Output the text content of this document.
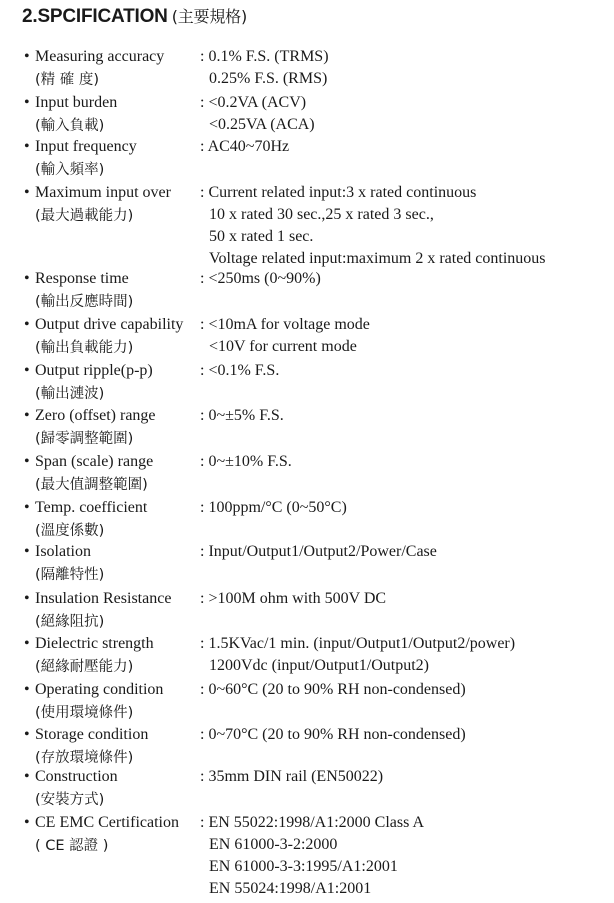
2.SPCIFICATION (主要規格)
• Measuring accuracy
(精 確 度)
: 0.1% F.S. (TRMS)
0.25% F.S. (RMS)
• Input burden
(輸入負載)
: <0.2VA (ACV)
<0.25VA (ACA)
• Input frequency
(輸入頻率)
: AC40~70Hz
• Maximum input over
(最大過載能力)
: Current related input:3 x rated continuous
10 x rated 30 sec.,25 x rated 3 sec.,
50 x rated 1 sec.
Voltage related input:maximum 2 x rated continuous
• Response time
(輸出反應時間)
: <250ms (0~90%)
• Output drive capability
(輸出負載能力)
: <10mA for voltage mode
<10V for current mode
• Output ripple(p-p)
(輸出漣波)
: <0.1% F.S.
• Zero (offset) range
(歸零調整範圍)
: 0~±5% F.S.
• Span (scale) range
(最大值調整範圍)
: 0~±10% F.S.
• Temp. coefficient
(溫度係數)
: 100ppm/°C (0~50°C)
• Isolation
(隔離特性)
: Input/Output1/Output2/Power/Case
• Insulation Resistance
(絕緣阻抗)
: >100M ohm with 500V DC
• Dielectric strength
(絕緣耐壓能力)
: 1.5KVac/1 min. (input/Output1/Output2/power)
1200Vdc (input/Output1/Output2)
• Operating condition
(使用環境條件)
: 0~60°C (20 to 90% RH non-condensed)
• Storage condition
(存放環境條件)
: 0~70°C (20 to 90% RH non-condensed)
• Construction
(安裝方式)
: 35mm DIN rail (EN50022)
• CE EMC Certification
( CE 認證 )
: EN 55022:1998/A1:2000 Class A
EN 61000-3-2:2000
EN 61000-3-3:1995/A1:2001
EN 55024:1998/A1:2001
